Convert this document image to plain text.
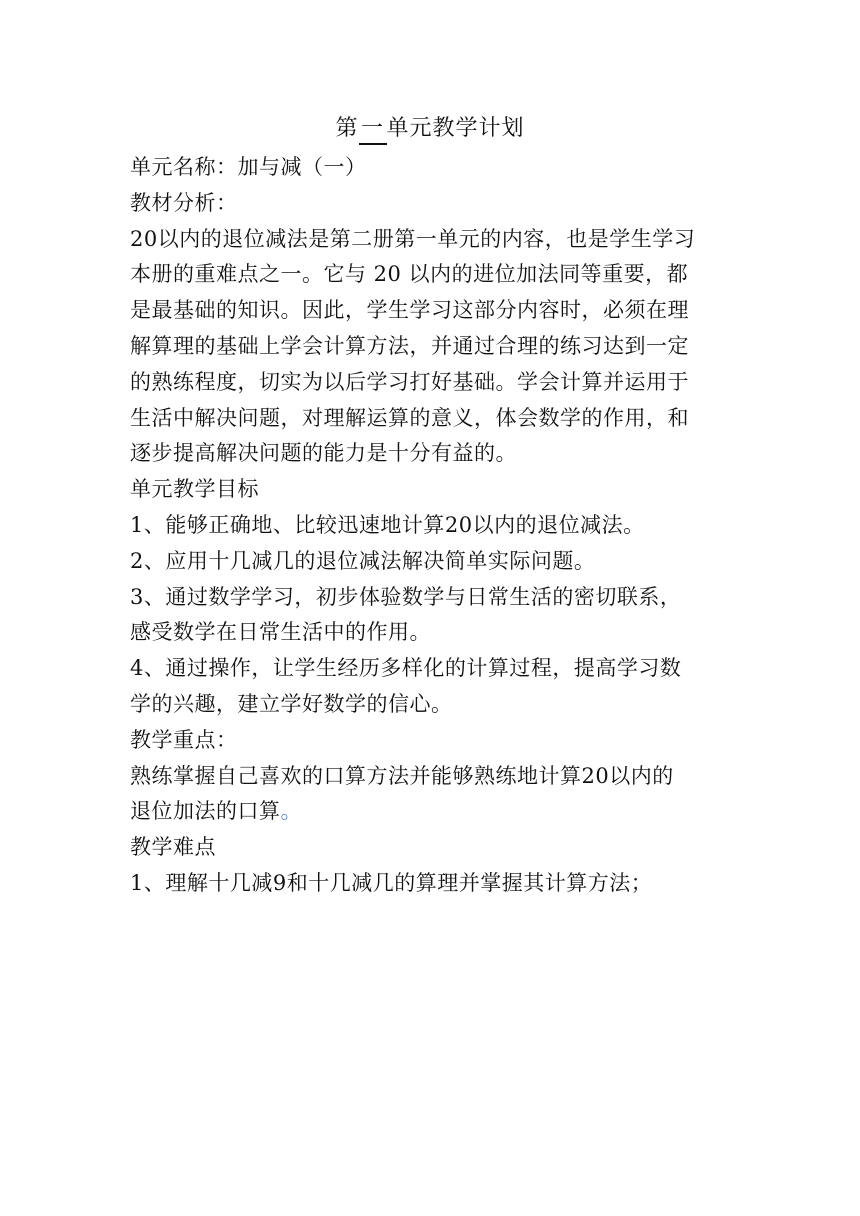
第 一 单元教学计划
单元名称：加与减（一）
教材分析：
20以内的退位减法是第二册第一单元的内容，也是学生学习
本册的重难点之一。它与 20 以内的进位加法同等重要，都
是最基础的知识。因此，学生学习这部分内容时，必须在理
解算理的基础上学会计算方法，并通过合理的练习达到一定
的熟练程度，切实为以后学习打好基础。学会计算并运用于
生活中解决问题，对理解运算的意义，体会数学的作用，和
逐步提高解决问题的能力是十分有益的。
单元教学目标
1、能够正确地、比较迅速地计算20以内的退位减法。
2、应用十几减几的退位减法解决简单实际问题。
3、通过数学学习，初步体验数学与日常生活的密切联系，
感受数学在日常生活中的作用。
4、通过操作，让学生经历多样化的计算过程，提高学习数
学的兴趣，建立学好数学的信心。
教学重点：
熟练掌握自己喜欢的口算方法并能够熟练地计算20以内的
退位加法的口算。
教学难点
1、理解十几减9和十几减几的算理并掌握其计算方法；
